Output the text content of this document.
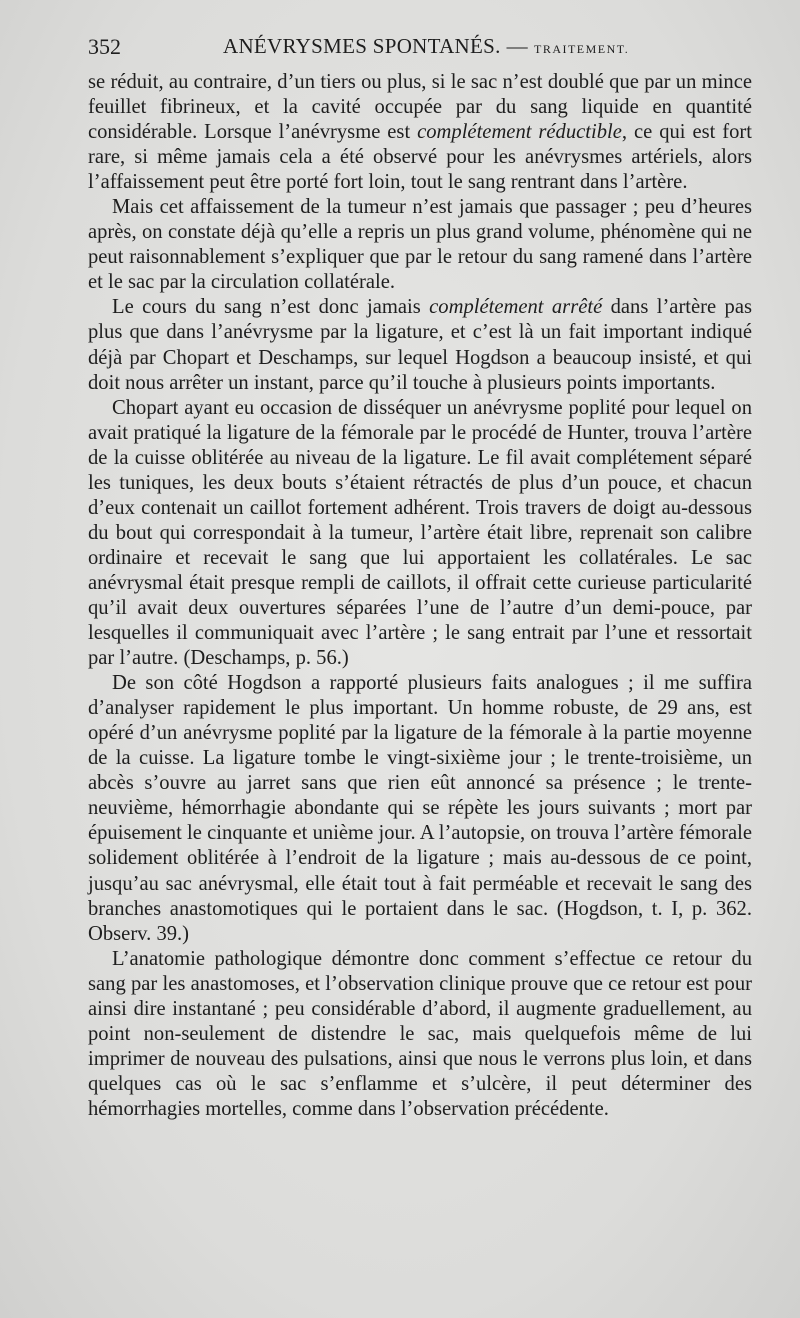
352	ANÉVRYSMES SPONTANÉS. — TRAITEMENT.

se réduit, au contraire, d’un tiers ou plus, si le sac n’est doublé que par un mince feuillet fibrineux, et la cavité occupée par du sang liquide en quantité considérable. Lorsque l’anévrysme est complétement réductible, ce qui est fort rare, si même jamais cela a été observé pour les anévrysmes artériels, alors l’affaissement peut être porté fort loin, tout le sang rentrant dans l’artère.

Mais cet affaissement de la tumeur n’est jamais que passager ; peu d’heures après, on constate déjà qu’elle a repris un plus grand volume, phénomène qui ne peut raisonnablement s’expliquer que par le retour du sang ramené dans l’artère et le sac par la circulation collatérale.

Le cours du sang n’est donc jamais complétement arrêté dans l’artère pas plus que dans l’anévrysme par la ligature, et c’est là un fait important indiqué déjà par Chopart et Deschamps, sur lequel Hogdson a beaucoup insisté, et qui doit nous arrêter un instant, parce qu’il touche à plusieurs points importants.

Chopart ayant eu occasion de disséquer un anévrysme poplité pour lequel on avait pratiqué la ligature de la fémorale par le procédé de Hunter, trouva l’artère de la cuisse oblitérée au niveau de la ligature. Le fil avait complétement séparé les tuniques, les deux bouts s’étaient rétractés de plus d’un pouce, et chacun d’eux contenait un caillot fortement adhérent. Trois travers de doigt au-dessous du bout qui correspondait à la tumeur, l’artère était libre, reprenait son calibre ordinaire et recevait le sang que lui apportaient les collatérales. Le sac anévrysmal était presque rempli de caillots, il offrait cette curieuse particularité qu’il avait deux ouvertures séparées l’une de l’autre d’un demi-pouce, par lesquelles il communiquait avec l’artère ; le sang entrait par l’une et ressortait par l’autre. (Deschamps, p. 56.)

De son côté Hogdson a rapporté plusieurs faits analogues ; il me suffira d’analyser rapidement le plus important. Un homme robuste, de 29 ans, est opéré d’un anévrysme poplité par la ligature de la fémorale à la partie moyenne de la cuisse. La ligature tombe le vingt-sixième jour ; le trente-troisième, un abcès s’ouvre au jarret sans que rien eût annoncé sa présence ; le trente-neuvième, hémorrhagie abondante qui se répète les jours suivants ; mort par épuisement le cinquante et unième jour. A l’autopsie, on trouva l’artère fémorale solidement oblitérée à l’endroit de la ligature ; mais au-dessous de ce point, jusqu’au sac anévrysmal, elle était tout à fait perméable et recevait le sang des branches anastomotiques qui le portaient dans le sac. (Hogdson, t. I, p. 362. Observ. 39.)

L’anatomie pathologique démontre donc comment s’effectue ce retour du sang par les anastomoses, et l’observation clinique prouve que ce retour est pour ainsi dire instantané ; peu considérable d’abord, il augmente graduellement, au point non-seulement de distendre le sac, mais quelquefois même de lui imprimer de nouveau des pulsations, ainsi que nous le verrons plus loin, et dans quelques cas où le sac s’enflamme et s’ulcère, il peut déterminer des hémorrhagies mortelles, comme dans l’observation précédente.
